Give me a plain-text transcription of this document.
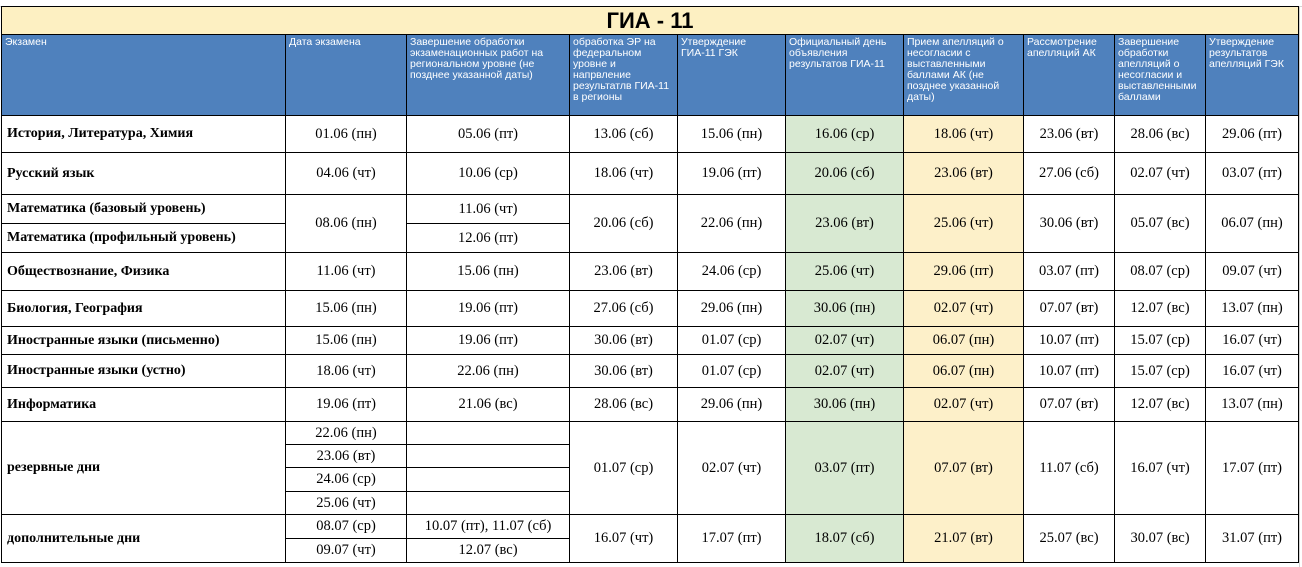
ГИА - 11									
Экзамен	Дата экзамена	Завершение обработки экзаменационных работ на региональном уровне (не позднее указанной даты)	обработка ЭР на федеральном уровне и напрвление результатлв ГИА-11 в регионы	Утверждение ГИА-11 ГЭК	Официальный день объявления результатов ГИА-11	Прием апелляций о несогласии с выставленными баллами АК (не позднее указанной даты)	Рассмотрение апелляций АК	Завершение обработки апелляций о несогласии и выставленными баллами	Утверждение результатов апелляций ГЭК
История, Литература, Химия	01.06 (пн)	05.06 (пт)	13.06 (сб)	15.06 (пн)	16.06 (ср)	18.06 (чт)	23.06 (вт)	28.06 (вс)	29.06 (пт)
Русский язык	04.06 (чт)	10.06 (ср)	18.06 (чт)	19.06 (пт)	20.06 (сб)	23.06 (вт)	27.06 (сб)	02.07 (чт)	03.07 (пт)
Математика (базовый уровень)	08.06 (пн)	11.06 (чт)	20.06 (сб)	22.06 (пн)	23.06 (вт)	25.06 (чт)	30.06 (вт)	05.07 (вс)	06.07 (пн)
Математика (профильный уровень)		12.06 (пт)							
Обществознание, Физика	11.06 (чт)	15.06 (пн)	23.06 (вт)	24.06 (ср)	25.06 (чт)	29.06 (пт)	03.07 (пт)	08.07 (ср)	09.07 (чт)
Биология, География	15.06 (пн)	19.06 (пт)	27.06 (сб)	29.06 (пн)	30.06 (пн)	02.07 (чт)	07.07 (вт)	12.07 (вс)	13.07 (пн)
Иностранные языки (письменно)	15.06 (пн)	19.06 (пт)	30.06 (вт)	01.07 (ср)	02.07 (чт)	06.07 (пн)	10.07 (пт)	15.07 (ср)	16.07 (чт)
Иностранные языки (устно)	18.06 (чт)	22.06 (пн)	30.06 (вт)	01.07 (ср)	02.07 (чт)	06.07 (пн)	10.07 (пт)	15.07 (ср)	16.07 (чт)
Информатика	19.06 (пт)	21.06 (вс)	28.06 (вс)	29.06 (пн)	30.06 (пн)	02.07 (чт)	07.07 (вт)	12.07 (вс)	13.07 (пн)
резервные дни	22.06 (пн)		01.07 (ср)	02.07 (чт)	03.07 (пт)	07.07 (вт)	11.07 (сб)	16.07 (чт)	17.07 (пт)
	23.06 (вт)								
	24.06 (ср)								
	25.06 (чт)								
дополнительные дни	08.07 (ср)	10.07 (пт), 11.07 (сб)	16.07 (чт)	17.07 (пт)	18.07 (сб)	21.07 (вт)	25.07 (вс)	30.07 (вс)	31.07 (пт)
	09.07 (чт)	12.07 (вс)							
